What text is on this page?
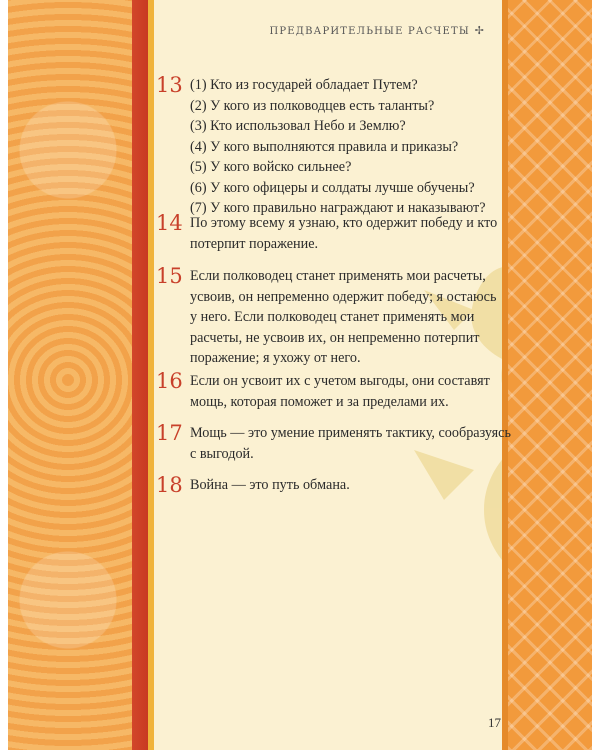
ПРЕДВАРИТЕЛЬНЫЕ РАСЧЕТЫ ✢
13 (1) Кто из государей обладает Путем?
(2) У кого из полководцев есть таланты?
(3) Кто использовал Небо и Землю?
(4) У кого выполняются правила и приказы?
(5) У кого войско сильнее?
(6) У кого офицеры и солдаты лучше обучены?
(7) У кого правильно награждают и наказывают?
14 По этому всему я узнаю, кто одержит победу и кто
потерпит поражение.
15 Если полководец станет применять мои расчеты,
усвоив, он непременно одержит победу; я остаюсь
у него. Если полководец станет применять мои
расчеты, не усвоив их, он непременно потерпит
поражение; я ухожу от него.
16 Если он усвоит их с учетом выгоды, они составят
мощь, которая поможет и за пределами их.
17 Мощь — это умение применять тактику, сообразуясь
с выгодой.
18 Война — это путь обмана.
17
